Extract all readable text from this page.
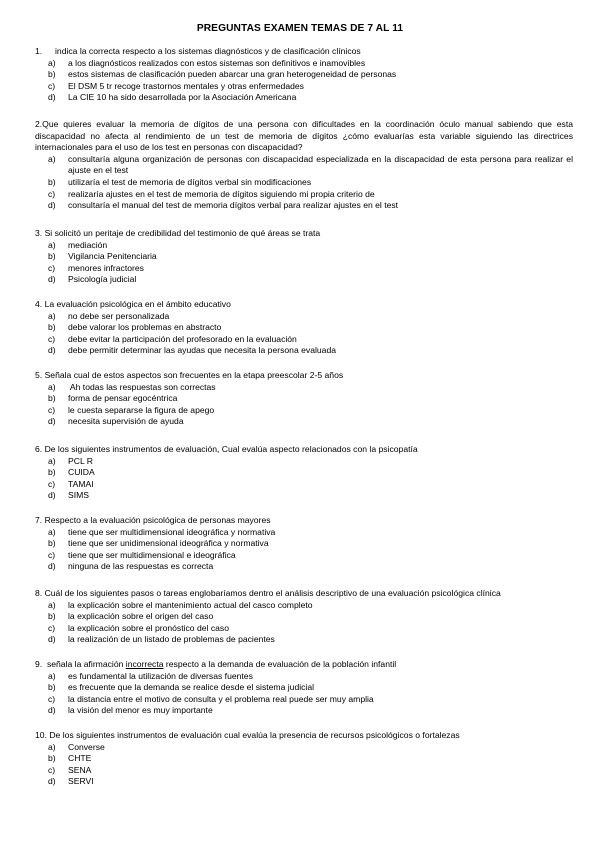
PREGUNTAS EXAMEN TEMAS DE 7 AL 11
1.	indica la correcta respecto a los sistemas diagnósticos y de clasificación clínicos
a)	a los diagnósticos realizados con estos sistemas son definitivos e inamovibles
b)	estos sistemas de clasificación pueden abarcar una gran heterogeneidad de personas
c)	El DSM 5 tr recoge trastornos mentales y otras enfermedades
d)	La CIE 10 ha sido desarrollada por la Asociación Americana
2.Que quieres evaluar la memoria de dígitos de una persona con dificultades en la coordinación óculo manual sabiendo que esta discapacidad no afecta al rendimiento de un test de memoria de dígitos ¿cómo evaluarías esta variable siguiendo las directrices internacionales para el uso de los test en personas con discapacidad?
a)	consultaría alguna organización de personas con discapacidad especializada en la discapacidad de esta persona para realizar el ajuste en el test
b)	utilizaría el test de memoria de dígitos verbal sin modificaciones
c)	realizaría ajustes en el test de memoria de dígitos siguiendo mi propia criterio de
d)	consultaría el manual del test de memoria dígitos verbal para realizar ajustes en el test
3. Si solicitó un peritaje de credibilidad del testimonio de qué áreas se trata
a)	mediación
b)	Vigilancia Penitenciaria
c)	menores infractores
d)	Psicología judicial
4. La evaluación psicológica en el ámbito educativo
a)	no debe ser personalizada
b)	debe valorar los problemas en abstracto
c)	debe evitar la participación del profesorado en la evaluación
d)	debe permitir determinar las ayudas que necesita la persona evaluada
5. Señala cual de estos aspectos son frecuentes en la etapa preescolar 2-5 años
a)	Ah todas las respuestas son correctas
b)	forma de pensar egocéntrica
c)	le cuesta separarse la figura de apego
d)	necesita supervisión de ayuda
6. De los siguientes instrumentos de evaluación, Cual evalúa aspecto relacionados con la psicopatía
a)	PCL R
b)	CUIDA
c)	TAMAI
d)	SIMS
7. Respecto a la evaluación psicológica de personas mayores
a)	tiene que ser multidimensional ideográfica y normativa
b)	tiene que ser unidimensional ideográfica y normativa
c)	tiene que ser multidimensional e ideográfica
d)	ninguna de las respuestas es correcta
8. Cuál de los siguientes pasos o tareas englobaríamos dentro el análisis descriptivo de una evaluación psicológica clínica
a)	la explicación sobre el mantenimiento actual del casco completo
b)	la explicación sobre el origen del caso
c)	la explicación sobre el pronóstico del caso
d)	la realización de un listado de problemas de pacientes
9. señala la afirmación incorrecta respecto a la demanda de evaluación de la población infantil
a)	es fundamental la utilización de diversas fuentes
b)	es frecuente que la demanda se realice desde el sistema judicial
c)	la distancia entre el motivo de consulta y el problema real puede ser muy amplia
d)	la visión del menor es muy importante
10. De los siguientes instrumentos de evaluación cual evalúa la presencia de recursos psicológicos o fortalezas
a)	Converse
b)	CHTE
c)	SENA
d)	SERVI
